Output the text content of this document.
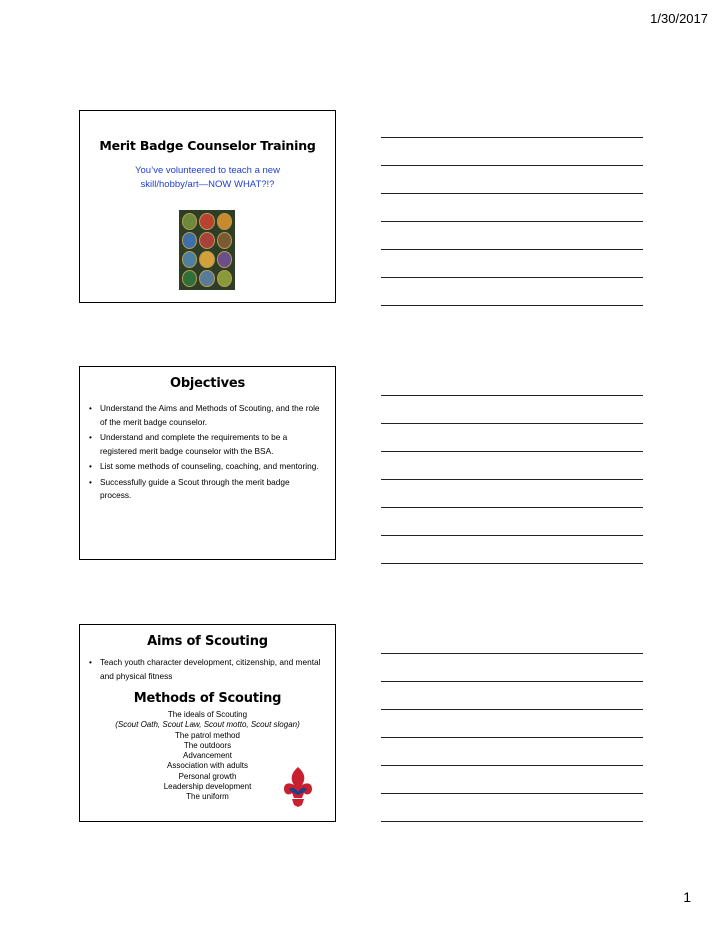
1/30/2017
Merit Badge Counselor Training
You’ve volunteered to teach a new
skill/hobby/art—NOW WHAT?!?
Objectives
• Understand the Aims and Methods of Scouting, and the role of the merit badge counselor.
• Understand and complete the requirements to be a registered merit badge counselor with the BSA.
• List some methods of counseling, coaching, and mentoring.
• Successfully guide a Scout through the merit badge process.
Aims of Scouting
• Teach youth character development, citizenship, and mental and physical fitness
Methods of Scouting
The ideals of Scouting
(Scout Oath, Scout Law, Scout motto, Scout slogan)
The patrol method
The outdoors
Advancement
Association with adults
Personal growth
Leadership development
The uniform
1
